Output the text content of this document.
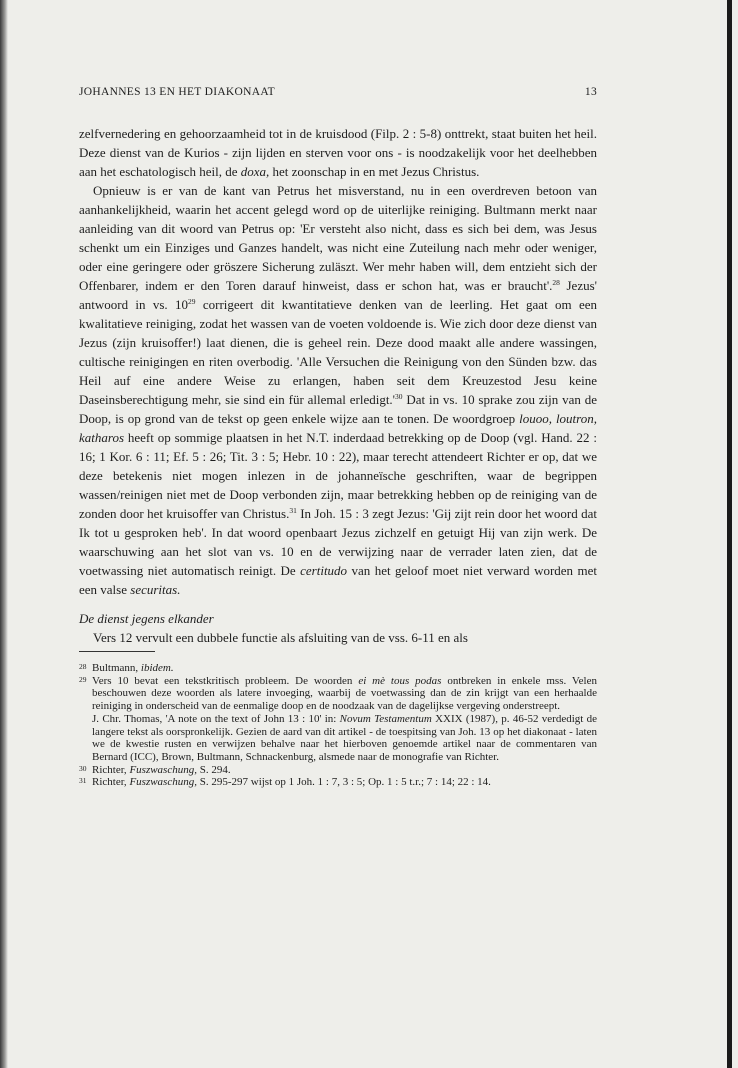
JOHANNES 13 EN HET DIAKONAAT	13

zelfvernedering en gehoorzaamheid tot in de kruisdood (Filp. 2 : 5-8) onttrekt, staat buiten het heil. Deze dienst van de Kurios - zijn lijden en sterven voor ons - is noodzakelijk voor het deelhebben aan het eschatologisch heil, de doxa, het zoonschap in en met Jezus Christus.

Opnieuw is er van de kant van Petrus het misverstand, nu in een overdreven betoon van aanhankelijkheid, waarin het accent gelegd word op de uiterlijke reiniging. Bultmann merkt naar aanleiding van dit woord van Petrus op: 'Er versteht also nicht, dass es sich bei dem, was Jesus schenkt um ein Einziges und Ganzes handelt, was nicht eine Zuteilung nach mehr oder weniger, oder eine geringere oder gröszere Sicherung zuläszt. Wer mehr haben will, dem entzieht sich der Offenbarer, indem er den Toren darauf hinweist, dass er schon hat, was er braucht'.$^{28}$ Jezus' antwoord in vs. $10^{29}$ corrigeert dit kwantitatieve denken van de leerling. Het gaat om een kwalitatieve reiniging, zodat het wassen van de voeten voldoende is. Wie zich door deze dienst van Jezus (zijn kruisoffer!) laat dienen, die is geheel rein. Deze dood maakt alle andere wassingen, cultische reinigingen en riten overbodig. 'Alle Versuchen die Reinigung von den Sünden bzw. das Heil auf eine andere Weise zu erlangen, haben seit dem Kreuzestod Jesu keine Daseinsberechtigung mehr, sie sind ein für allemal $erledigt.'^{30}$ Dat in vs. 10 sprake zou zijn van de Doop, is op grond van de tekst op geen enkele wijze aan te tonen. De woordgroep louoo, loutron, katharos heeft op sommige plaatsen in het N.T. inderdaad betrekking op de Doop (vgl. Hand. 22 : 16; 1 Kor. 6 : 11; Ef. 5 : 26; Tit. 3 : 5; Hebr. 10 : 22), maar terecht attendeert Richter er op, dat we deze betekenis niet mogen inlezen in de johanneïsche geschriften, waar de begrippen wassen/reinigen niet met de Doop verbonden zijn, maar betrekking hebben op de reiniging van de zonden door het kruisoffer van Christus.$^{31}$ In Joh. 15 : 3 zegt Jezus: 'Gij zijt rein door het woord dat Ik tot u gesproken heb'. In dat woord openbaart Jezus zichzelf en getuigt Hij van zijn werk. De waarschuwing aan het slot van vs. 10 en de verwijzing naar de verrader laten zien, dat de voetwassing niet automatisch reinigt. De certitudo van het geloof moet niet verward worden met een valse securitas.

De dienst jegens elkander

Vers 12 vervult een dubbele functie als afsluiting van de vss. 6-11 en als

28 Bultmann, ibidem.

29 Vers 10 bevat een tekstkritisch probleem. De woorden ei mè tous podas ontbreken in enkele mss. Velen beschouwen deze woorden als latere invoeging, waarbij de voetwassing dan de zin krijgt van een herhaalde reiniging in onderscheid van de eenmalige doop en de noodzaak van de dagelijkse vergeving onderstreept.

J. Chr. Thomas, 'A note on the text of John 13 : 10' in: Novum Testamentum XXIX (1987), p. 46-52 verdedigt de langere tekst als oorspronkelijk. Gezien de aard van dit artikel - de toespitsing van Joh. 13 op het diakonaat - laten we de kwestie rusten en verwijzen behalve naar het hierboven genoemde artikel naar de commentaren van Bernard (ICC), Brown, Bultmann, Schnackenburg, alsmede naar de monografie van Richter.

30 Richter, Fuszwaschung, S. 294.

31 Richter, Fuszwaschung, S. 295-297 wijst op 1 Joh. 1 : 7, 3 : 5; Op. 1 : 5 t.r.; 7 : 14; 22 : 14.
